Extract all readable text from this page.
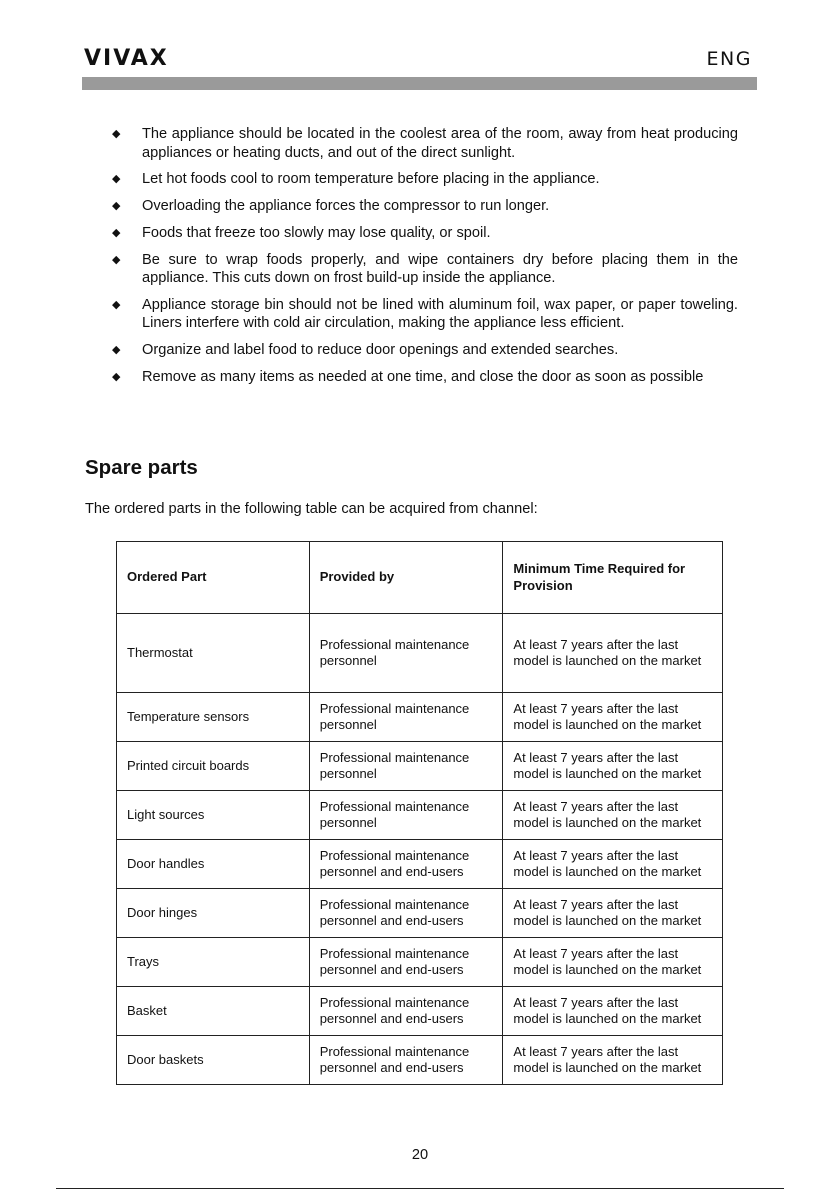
VIVAX	ENG
◆ The appliance should be located in the coolest area of the room, away from heat producing appliances or heating ducts, and out of the direct sunlight.
◆ Let hot foods cool to room temperature before placing in the appliance.
◆ Overloading the appliance forces the compressor to run longer.
◆ Foods that freeze too slowly may lose quality, or spoil.
◆ Be sure to wrap foods properly, and wipe containers dry before placing them in the appliance. This cuts down on frost build-up inside the appliance.
◆ Appliance storage bin should not be lined with aluminum foil, wax paper, or paper toweling. Liners interfere with cold air circulation, making the appliance less efficient.
◆ Organize and label food to reduce door openings and extended searches.
◆ Remove as many items as needed at one time, and close the door as soon as possible
Spare parts

The ordered parts in the following table can be acquired from channel:

Ordered Part	Provided by	Minimum Time Required for Provision
Thermostat	Professional maintenance personnel	At least 7 years after the last model is launched on the market
Temperature sensors	Professional maintenance personnel	At least 7 years after the last model is launched on the market
Printed circuit boards	Professional maintenance personnel	At least 7 years after the last model is launched on the market
Light sources	Professional maintenance personnel	At least 7 years after the last model is launched on the market
Door handles	Professional maintenance personnel and end-users	At least 7 years after the last model is launched on the market
Door hinges	Professional maintenance personnel and end-users	At least 7 years after the last model is launched on the market
Trays	Professional maintenance personnel and end-users	At least 7 years after the last model is launched on the market
Basket	Professional maintenance personnel and end-users	At least 7 years after the last model is launched on the market
Door baskets	Professional maintenance personnel and end-users	At least 7 years after the last model is launched on the market
20
